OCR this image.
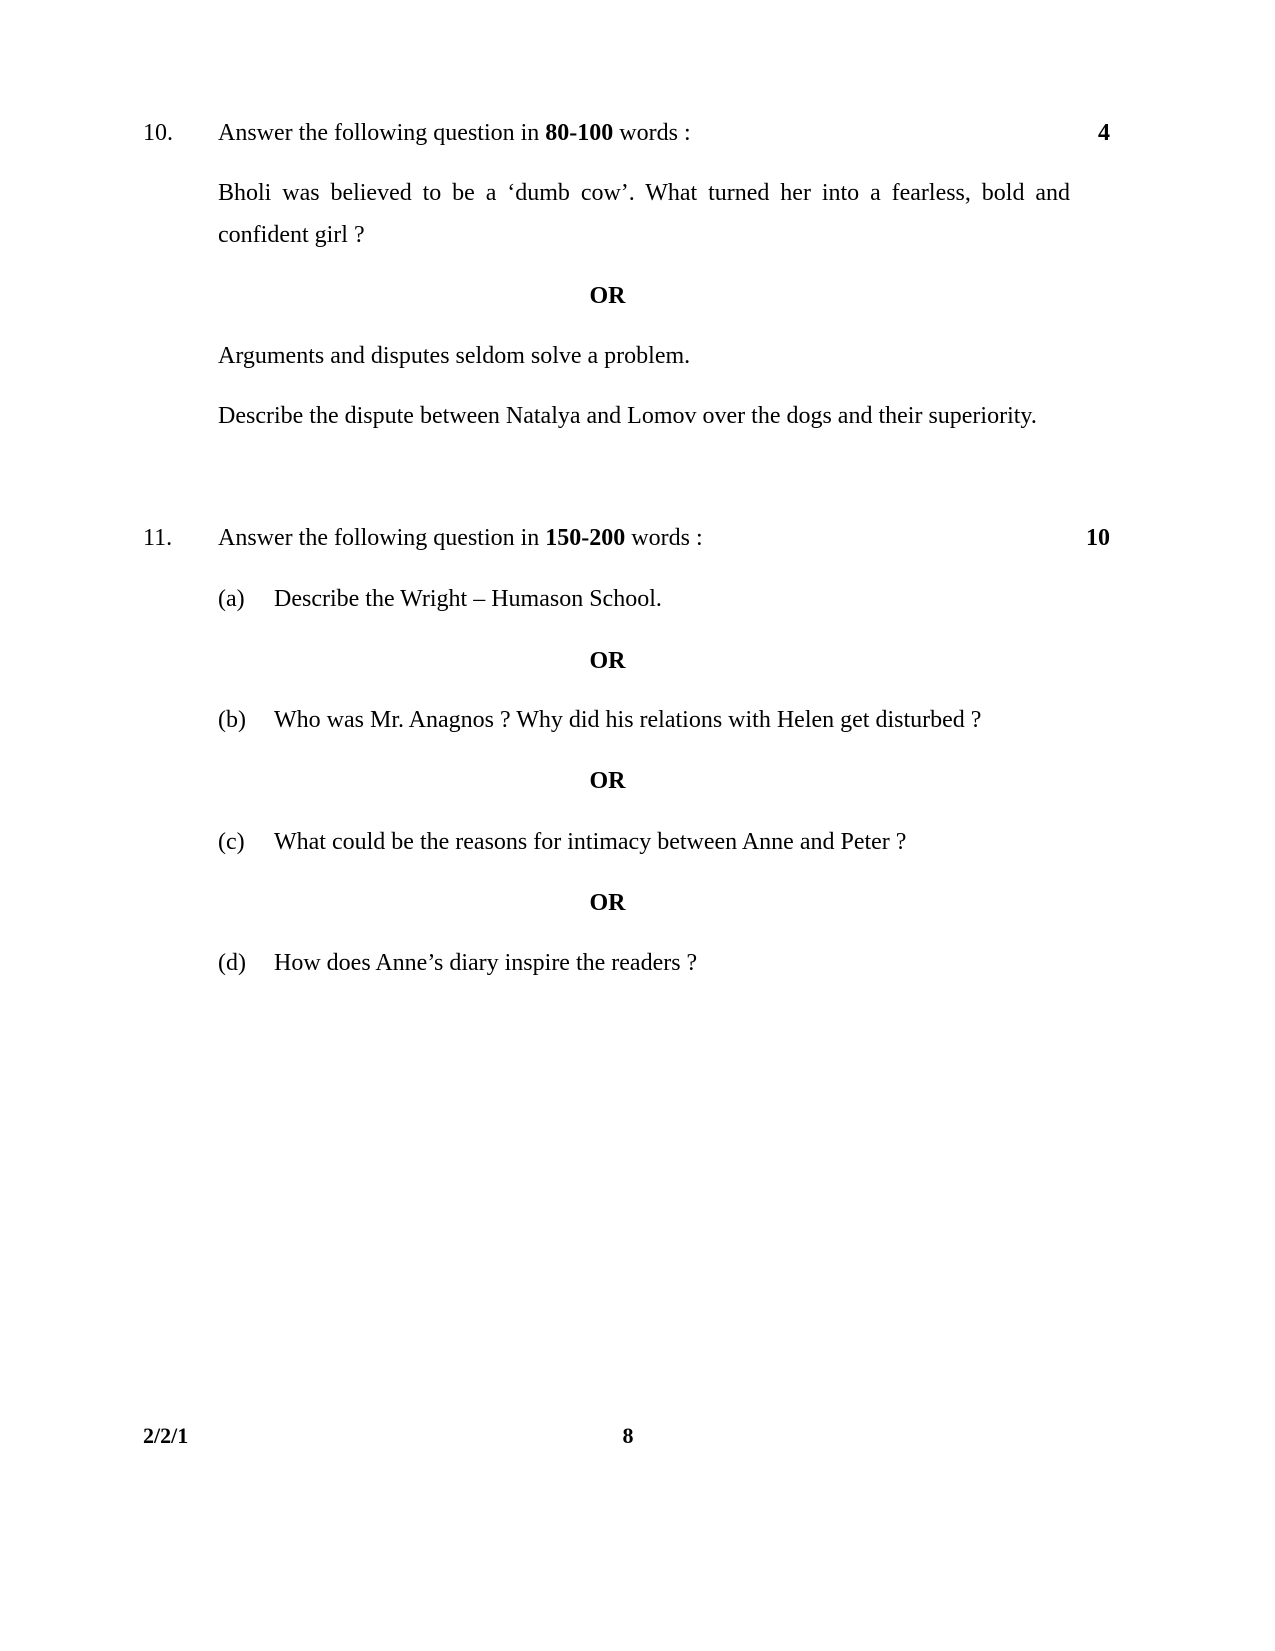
10. Answer the following question in 80-100 words :	4
Bholi was believed to be a ‘dumb cow’. What turned her into a fearless, bold and
confident girl ?
OR
Arguments and disputes seldom solve a problem.
Describe the dispute between Natalya and Lomov over the dogs and their superiority.
11. Answer the following question in 150-200 words :	10
(a) Describe the Wright – Humason School.
OR
(b) Who was Mr. Anagnos ? Why did his relations with Helen get disturbed ?
OR
(c) What could be the reasons for intimacy between Anne and Peter ?
OR
(d) How does Anne’s diary inspire the readers ?
2/2/1	8
